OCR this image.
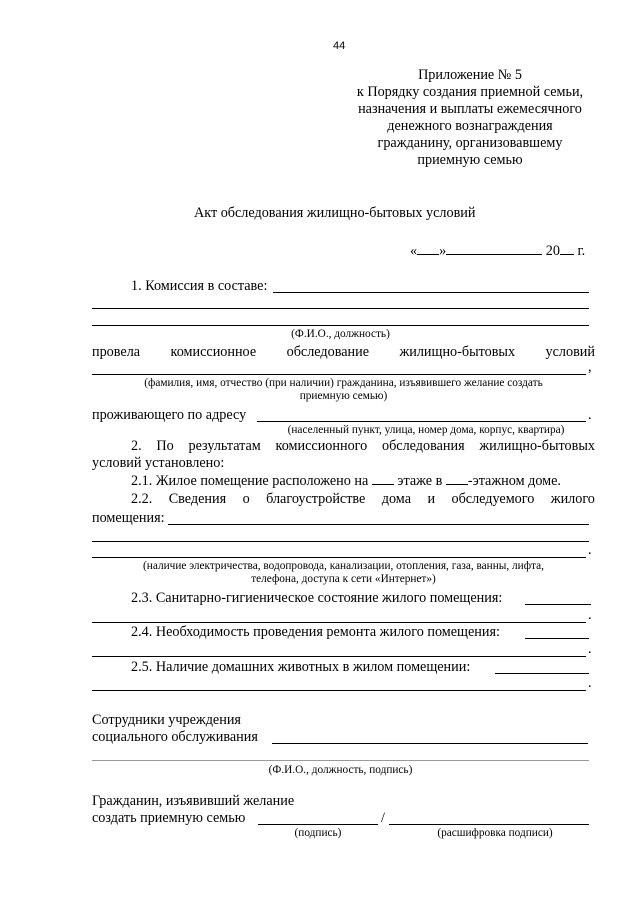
44
Приложение № 5
к Порядку создания приемной семьи,
назначения и выплаты ежемесячного
денежного вознаграждения
гражданину, организовавшему
приемную семью
Акт обследования жилищно-бытовых условий
« »	20 г.
1. Комиссия в составе:
(Ф.И.О., должность)
провела комиссионное обследование жилищно-бытовых условий
,
(фамилия, имя, отчество (при наличии) гражданина, изъявившего желание создать
приемную семью)
проживающего по адресу	.
(населенный пункт, улица, номер дома, корпус, квартира)
2. По результатам комиссионного обследования жилищно-бытовых
условий установлено:
2.1. Жилое помещение расположено на  этаже в -этажном доме.
2.2. Сведения о благоустройстве дома и обследуемого жилого
помещения:
.
(наличие электричества, водопровода, канализации, отопления, газа, ванны, лифта,
телефона, доступа к сети «Интернет»)
2.3. Санитарно-гигиеническое состояние жилого помещения:
.
2.4. Необходимость проведения ремонта жилого помещения:
.
2.5. Наличие домашних животных в жилом помещении:
.
Сотрудники учреждения
социального обслуживания
(Ф.И.О., должность, подпись)
Гражданин, изъявивший желание
создать приемную семью	/
(подпись)	(расшифровка подписи)
